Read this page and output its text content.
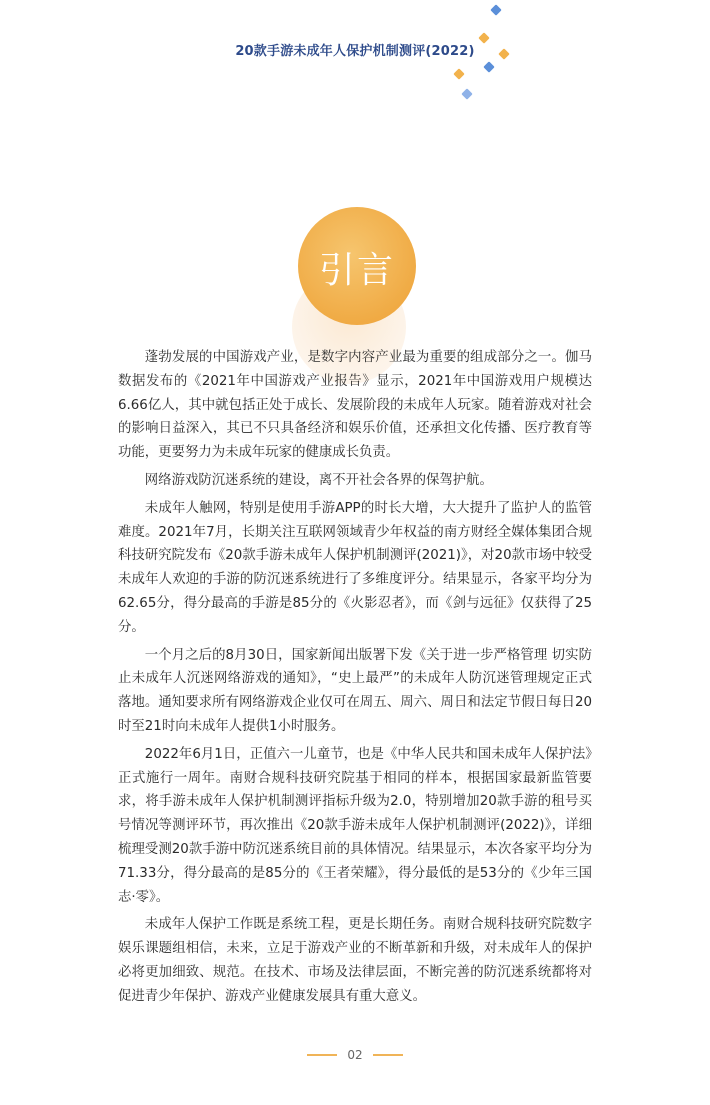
20款手游未成年人保护机制测评(2022)
引言

蓬勃发展的中国游戏产业，是数字内容产业最为重要的组成部分之一。伽马数据发布的《2021年中国游戏产业报告》显示，2021年中国游戏用户规模达6.66亿人，其中就包括正处于成长、发展阶段的未成年人玩家。随着游戏对社会的影响日益深入，其已不只具备经济和娱乐价值，还承担文化传播、医疗教育等功能，更要努力为未成年玩家的健康成长负责。

网络游戏防沉迷系统的建设，离不开社会各界的保驾护航。

未成年人触网，特别是使用手游APP的时长大增，大大提升了监护人的监管难度。2021年7月，长期关注互联网领域青少年权益的南方财经全媒体集团合规科技研究院发布《20款手游未成年人保护机制测评(2021)》，对20款市场中较受未成年人欢迎的手游的防沉迷系统进行了多维度评分。结果显示，各家平均分为62.65分，得分最高的手游是85分的《火影忍者》，而《剑与远征》仅获得了25分。

一个月之后的8月30日，国家新闻出版署下发《关于进一步严格管理 切实防止未成年人沉迷网络游戏的通知》，“史上最严”的未成年人防沉迷管理规定正式落地。通知要求所有网络游戏企业仅可在周五、周六、周日和法定节假日每日20时至21时向未成年人提供1小时服务。

2022年6月1日，正值六一儿童节，也是《中华人民共和国未成年人保护法》正式施行一周年。南财合规科技研究院基于相同的样本，根据国家最新监管要求，将手游未成年人保护机制测评指标升级为2.0，特别增加20款手游的租号买号情况等测评环节，再次推出《20款手游未成年人保护机制测评(2022)》，详细梳理受测20款手游中防沉迷系统目前的具体情况。结果显示，本次各家平均分为71.33分，得分最高的是85分的《王者荣耀》，得分最低的是53分的《少年三国志·零》。

未成年人保护工作既是系统工程，更是长期任务。南财合规科技研究院数字娱乐课题组相信，未来，立足于游戏产业的不断革新和升级，对未成年人的保护必将更加细致、规范。在技术、市场及法律层面，不断完善的防沉迷系统都将对促进青少年保护、游戏产业健康发展具有重大意义。

02
